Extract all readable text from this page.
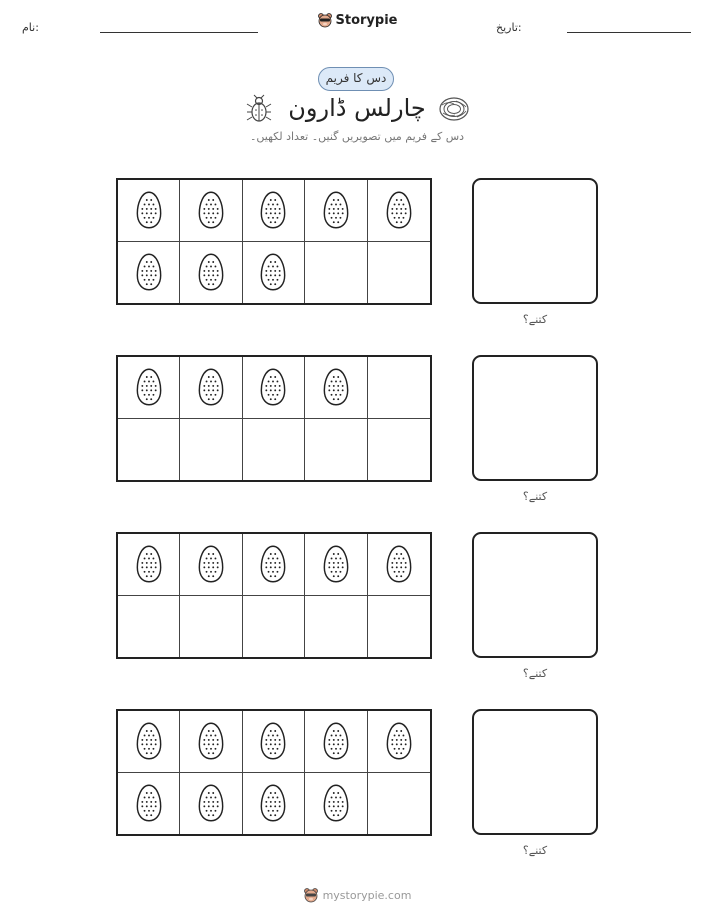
نام:	تاریخ:
Storypie
دس کا فریم
چارلس ڈارون
دس کے فریم میں تصویریں گنیں۔ تعداد لکھیں۔
کتنے؟
کتنے؟
کتنے؟
کتنے؟
mystorypie.com
